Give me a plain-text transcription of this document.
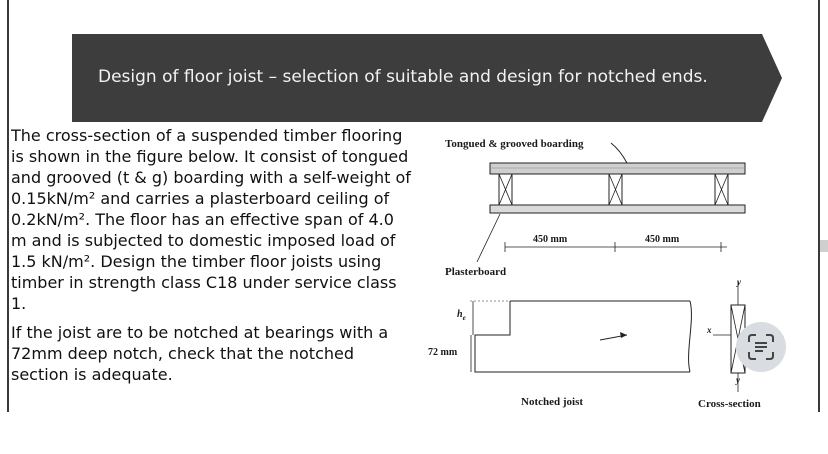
Design of floor joist – selection of suitable and design for notched ends.

The cross-section of a suspended timber flooring is shown in the figure below. It consist of tongued and grooved (t & g) boarding with a self-weight of 0.15kN/m² and carries a plasterboard ceiling of 0.2kN/m². The floor has an effective span of 4.0 m and is subjected to domestic imposed load of 1.5 kN/m². Design the timber floor joists using timber in strength class C18 under service class 1.

If the joist are to be notched at bearings with a 72mm deep notch, check that the notched section is adequate.

Tongued & grooved boarding
450 mm	450 mm
Plasterboard
$h_e$
72 mm
Notched joist
y
x
y
Cross-section
